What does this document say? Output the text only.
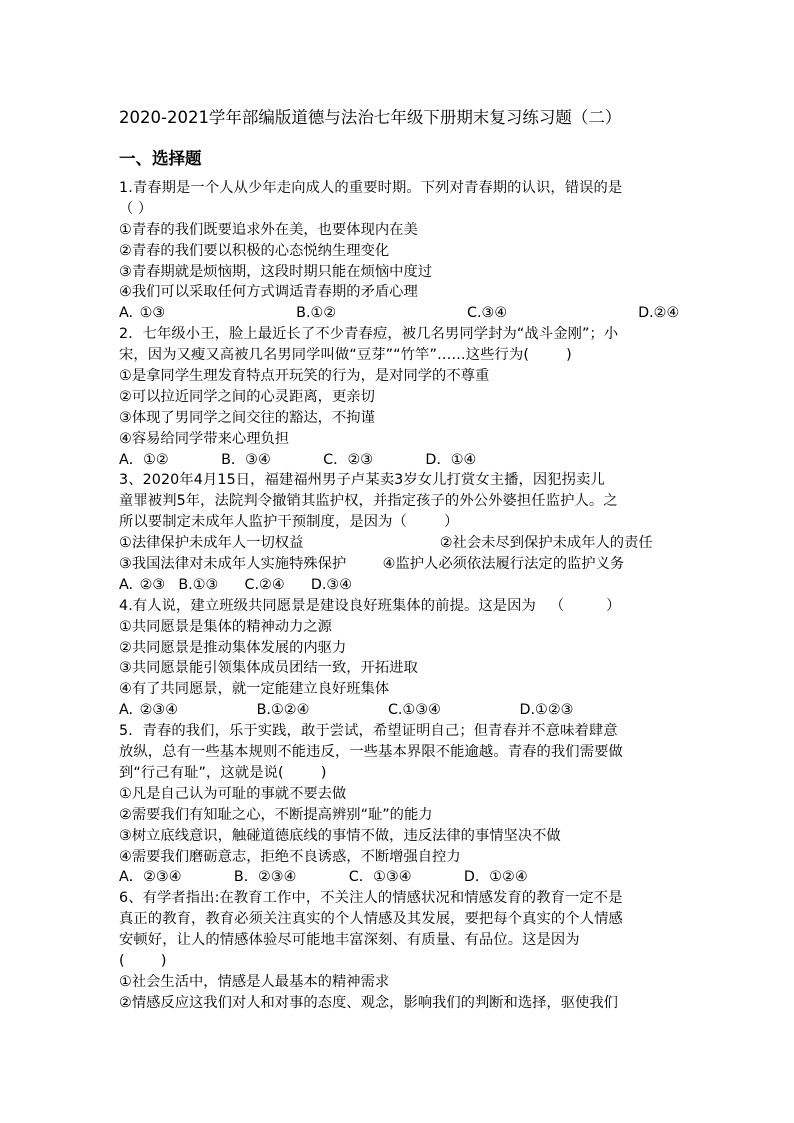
2020-2021学年部编版道德与法治七年级下册期末复习练习题（二）
一、选择题
1.青春期是一个人从少年走向成人的重要时期。下列对青春期的认识，错误的是
（ ）
①青春的我们既要追求外在美，也要体现内在美
②青春的我们要以积极的心态悦纳生理变化
③青春期就是烦恼期，这段时期只能在烦恼中度过
④我们可以采取任何方式调适青春期的矛盾心理
A. ①③                    B.①②                    C.③④                    D.②④
2．七年级小王，脸上最近长了不少青春痘，被几名男同学封为“战斗金刚”；小
宋，因为又瘦又高被几名男同学叫做“豆芽”“竹竿”……这些行为(        )
①是拿同学生理发育特点开玩笑的行为，是对同学的不尊重
②可以拉近同学之间的心灵距离，更亲切
③体现了男同学之间交往的豁达，不拘谨
④容易给同学带来心理负担
A．①②        B．③④        C．②③        D．①④
3、2020年4月15日，福建福州男子卢某卖3岁女儿打赏女主播，因犯拐卖儿
童罪被判5年，法院判令撤销其监护权，并指定孩子的外公外婆担任监护人。之
所以要制定未成年人监护干预制度，是因为（        ）
①法律保护未成年人一切权益                              ②社会未尽到保护未成年人的责任
③我国法律对未成年人实施特殊保护        ④监护人必须依法履行法定的监护义务
A. ②③  B.①③    C.②④    D.③④
4.有人说，建立班级共同愿景是建设良好班集体的前提。这是因为   （         ）
①共同愿景是集体的精神动力之源
②共同愿景是推动集体发展的内驱力
③共同愿景能引领集体成员团结一致，开拓进取
④有了共同愿景，就一定能建立良好班集体
A. ②③④            B.①②④            C.①③④            D.①②③
5．青春的我们，乐于实践，敢于尝试，希望证明自己；但青春并不意味着肆意
放纵，总有一些基本规则不能违反，一些基本界限不能逾越。青春的我们需要做
到“行己有耻”，这就是说(        )
①凡是自己认为可耻的事就不要去做
②需要我们有知耻之心，不断提高辨别“耻”的能力
③树立底线意识，触碰道德底线的事情不做，违反法律的事情坚决不做
④需要我们磨砺意志，拒绝不良诱惑，不断增强自控力
A．②③④        B．②③④        C．①③④        D．①②④
6、有学者指出:在教育工作中，不关注人的情感状况和情感发育的教育一定不是
真正的教育，教育必须关注真实的个人情感及其发展，要把每个真实的个人情感
安顿好，让人的情感体验尽可能地丰富深刻、有质量、有品位。这是因为
(        )
①社会生活中，情感是人最基本的精神需求
②情感反应这我们对人和对事的态度、观念，影响我们的判断和选择，驱使我们
